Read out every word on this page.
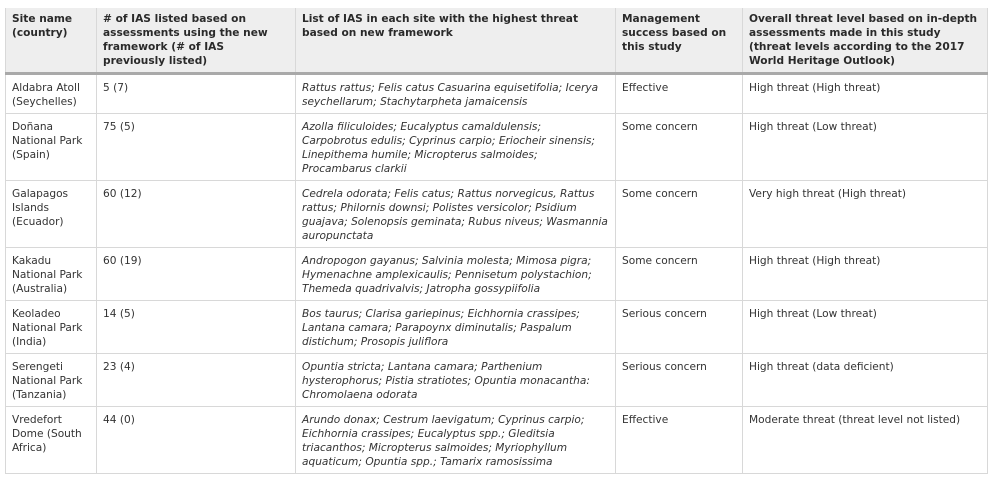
Site name (country)	# of IAS listed based on assessments using the new framework (# of IAS previously listed)	List of IAS in each site with the highest threat based on new framework	Management success based on this study	Overall threat level based on in-depth assessments made in this study (threat levels according to the 2017 World Heritage Outlook)
Aldabra Atoll (Seychelles)	5 (7)	Rattus rattus; Felis catus Casuarina equisetifolia; Icerya seychellarum; Stachytarpheta jamaicensis	Effective	High threat (High threat)
Doñana National Park (Spain)	75 (5)	Azolla filiculoides; Eucalyptus camaldulensis; Carpobrotus edulis; Cyprinus carpio; Eriocheir sinensis; Linepithema humile; Micropterus salmoides; Procambarus clarkii	Some concern	High threat (Low threat)
Galapagos Islands (Ecuador)	60 (12)	Cedrela odorata; Felis catus; Rattus norvegicus, Rattus rattus; Philornis downsi; Polistes versicolor; Psidium guajava; Solenopsis geminata; Rubus niveus; Wasmannia auropunctata	Some concern	Very high threat (High threat)
Kakadu National Park (Australia)	60 (19)	Andropogon gayanus; Salvinia molesta; Mimosa pigra; Hymenachne amplexicaulis; Pennisetum polystachion; Themeda quadrivalvis; Jatropha gossypiifolia	Some concern	High threat (High threat)
Keoladeo National Park (India)	14 (5)	Bos taurus; Clarisa gariepinus; Eichhornia crassipes; Lantana camara; Parapoynx diminutalis; Paspalum distichum; Prosopis juliflora	Serious concern	High threat (Low threat)
Serengeti National Park (Tanzania)	23 (4)	Opuntia stricta; Lantana camara; Parthenium hysterophorus; Pistia stratiotes; Opuntia monacantha: Chromolaena odorata	Serious concern	High threat (data deficient)
Vredefort Dome (South Africa)	44 (0)	Arundo donax; Cestrum laevigatum; Cyprinus carpio; Eichhornia crassipes; Eucalyptus spp.; Gleditsia triacanthos; Micropterus salmoides; Myriophyllum aquaticum; Opuntia spp.; Tamarix ramosissima	Effective	Moderate threat (threat level not listed)
